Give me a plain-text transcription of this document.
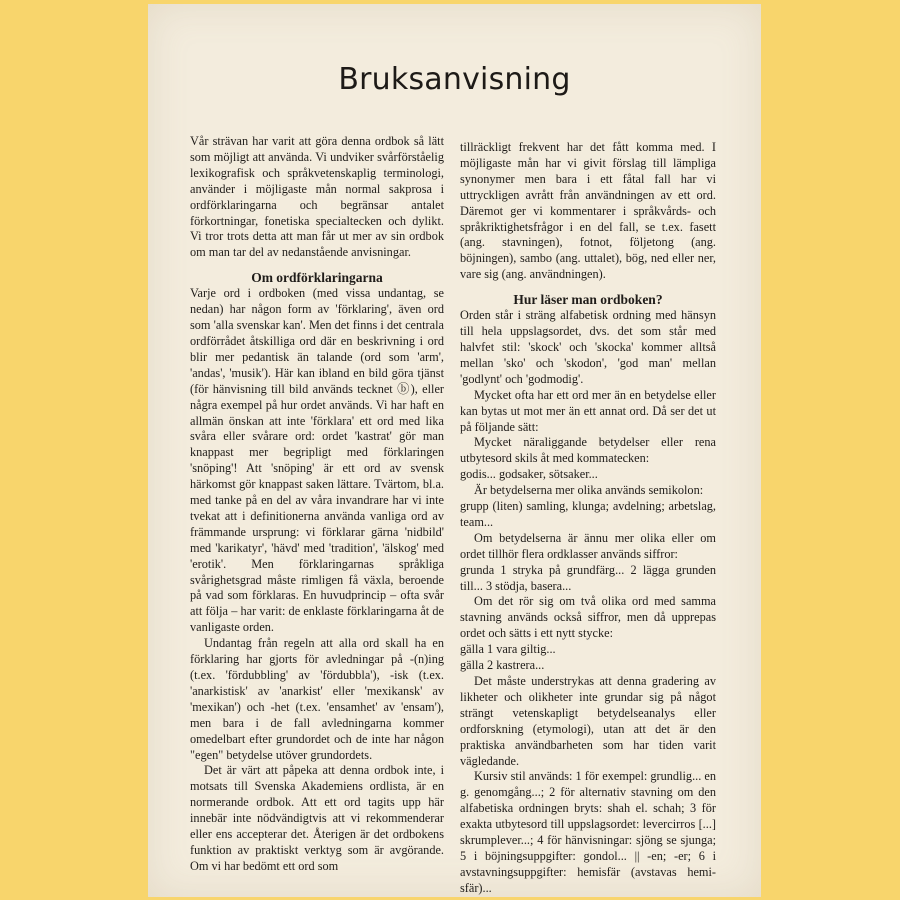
Bruksanvisning

Vår strävan har varit att göra denna ordbok så lätt som möjligt att använda. Vi undviker svårförståelig lexikografisk och språkvetenskaplig terminologi, använder i möjligaste mån normal sakprosa i ordförklaringarna och begränsar antalet förkortningar, fonetiska specialtecken och dylikt. Vi tror trots detta att man får ut mer av sin ordbok om man tar del av nedanstående anvisningar.

Om ordförklaringarna

Varje ord i ordboken (med vissa undantag, se nedan) har någon form av 'förklaring', även ord som 'alla svenskar kan'. Men det finns i det centrala ordförrådet åtskilliga ord där en beskrivning i ord blir mer pedantisk än talande (ord som 'arm', 'andas', 'musik'). Här kan ibland en bild göra tjänst (för hänvisning till bild används tecknet ⓑ), eller några exempel på hur ordet används. Vi har haft en allmän önskan att inte 'förklara' ett ord med lika svåra eller svårare ord: ordet 'kastrat' gör man knappast mer begripligt med förklaringen 'snöping'! Att 'snöping' är ett ord av svensk härkomst gör knappast saken lättare. Tvärtom, bl.a. med tanke på en del av våra invandrare har vi inte tvekat att i definitionerna använda vanliga ord av främmande ursprung: vi förklarar gärna 'nidbild' med 'karikatyr', 'hävd' med 'tradition', 'älskog' med 'erotik'. Men förklaringarnas språkliga svårighetsgrad måste rimligen få växla, beroende på vad som förklaras. En huvudprincip – ofta svår att följa – har varit: de enklaste förklaringarna åt de vanligaste orden.

Undantag från regeln att alla ord skall ha en förklaring har gjorts för avledningar på -(n)ing (t.ex. 'fördubbling' av 'fördubbla'), -isk (t.ex. 'anarkistisk' av 'anarkist' eller 'mexikansk' av 'mexikan') och -het (t.ex. 'ensamhet' av 'ensam'), men bara i de fall avledningarna kommer omedelbart efter grundordet och de inte har någon "egen" betydelse utöver grundordets.

Det är värt att påpeka att denna ordbok inte, i motsats till Svenska Akademiens ordlista, är en normerande ordbok. Att ett ord tagits upp här innebär inte nödvändigtvis att vi rekommenderar eller ens accepterar det. Återigen är det ordbokens funktion av praktiskt verktyg som är avgörande. Om vi har bedömt ett ord som

tillräckligt frekvent har det fått komma med. I möjligaste mån har vi givit förslag till lämpliga synonymer men bara i ett fåtal fall har vi uttryckligen avrått från användningen av ett ord. Däremot ger vi kommentarer i språkvårds- och språkriktighetsfrågor i en del fall, se t.ex. fasett (ang. stavningen), fotnot, följetong (ang. böjningen), sambo (ang. uttalet), bög, ned eller ner, vare sig (ang. användningen).

Hur läser man ordboken?

Orden står i sträng alfabetisk ordning med hänsyn till hela uppslagsordet, dvs. det som står med halvfet stil: 'skock' och 'skocka' kommer alltså mellan 'sko' och 'skodon', 'god man' mellan 'godlynt' och 'godmodig'.

Mycket ofta har ett ord mer än en betydelse eller kan bytas ut mot mer än ett annat ord. Då ser det ut på följande sätt:

Mycket näraliggande betydelser eller rena utbytesord skils åt med kommatecken:

godis... godsaker, sötsaker...

Är betydelserna mer olika används semikolon:

grupp (liten) samling, klunga; avdelning; arbetslag, team...

Om betydelserna är ännu mer olika eller om ordet tillhör flera ordklasser används siffror:

grunda 1 stryka på grundfärg... 2 lägga grunden till... 3 stödja, basera...

Om det rör sig om två olika ord med samma stavning används också siffror, men då upprepas ordet och sätts i ett nytt stycke:

gälla 1 vara giltig...

gälla 2 kastrera...

Det måste understrykas att denna gradering av likheter och olikheter inte grundar sig på något strängt vetenskapligt betydelseanalys eller ordforskning (etymologi), utan att det är den praktiska användbarheten som har tiden varit vägledande.

Kursiv stil används: 1 för exempel: grundlig... en g. genomgång...; 2 för alternativ stavning om den alfabetiska ordningen bryts: shah el. schah; 3 för exakta utbytesord till uppslagsordet: levercirros [...] skrumplever...; 4 för hänvisningar: sjöng se sjunga; 5 i böjningsuppgifter: gondol... || -en; -er; 6 i avstavningsuppgifter: hemisfär (avstavas hemi-sfär)...
